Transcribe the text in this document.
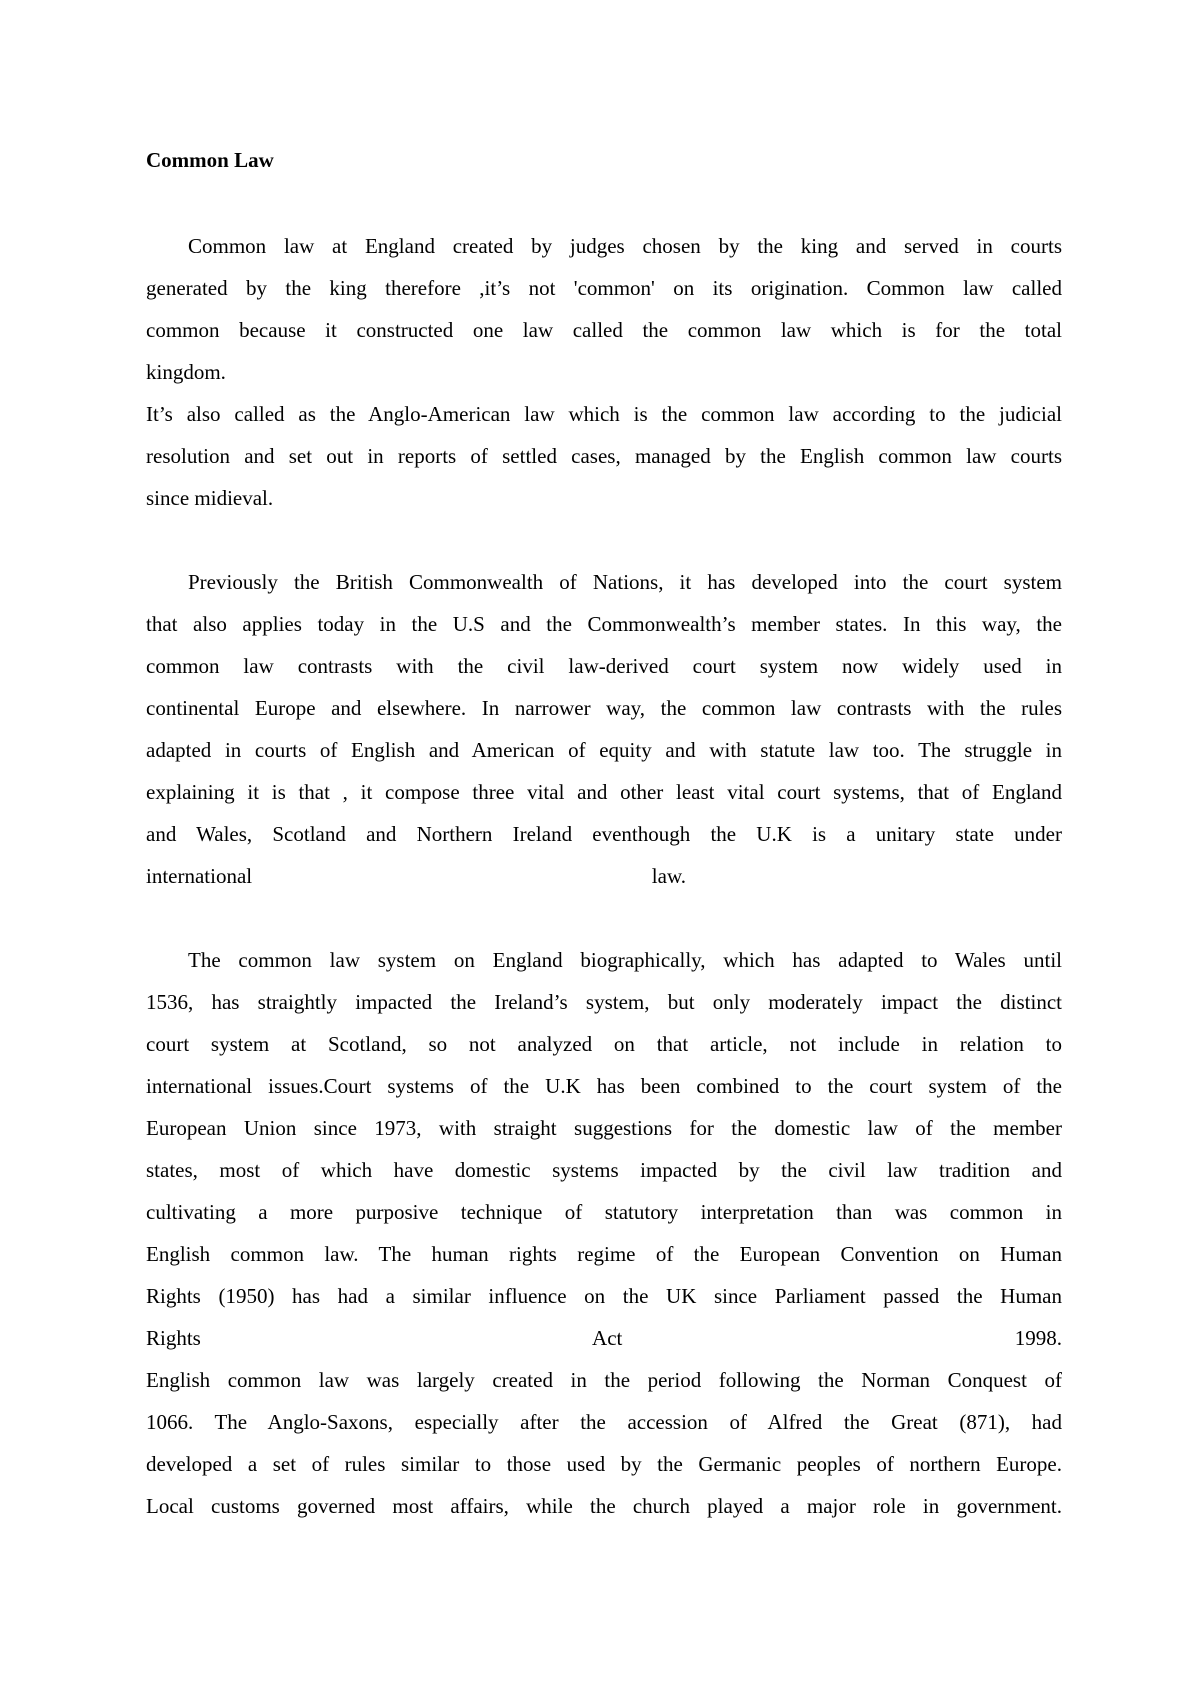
Common Law

Common law at England created by judges chosen by the king and served in courts

generated by the king therefore ,it’s not 'common' on its origination. Common law called

common because it constructed one law called the common law which is for the total

kingdom.

It’s also called as the Anglo-American law which is the common law according to the judicial

resolution and set out in reports of settled cases, managed by the English common law courts

since midieval.

Previously the British Commonwealth of Nations, it has developed into the court system

that also applies today in the U.S and the Commonwealth’s member states. In this way, the

common law contrasts with the civil law-derived court system now widely used in

continental Europe and elsewhere. In narrower way, the common law contrasts with the rules

adapted in courts of English and American of equity and with statute law too. The struggle in

explaining it is that , it compose three vital and other least vital court systems, that of England

and Wales, Scotland and Northern Ireland eventhough the U.K is a unitary state under

international law.

The common law system on England biographically, which has adapted to Wales until

1536, has straightly impacted the Ireland’s system, but only moderately impact the distinct

court system at Scotland, so not analyzed on that article, not include in relation to

international issues.Court systems of the U.K has been combined to the court system of the

European Union since 1973, with straight suggestions for the domestic law of the member

states, most of which have domestic systems impacted by the civil law tradition and

cultivating a more purposive technique of statutory interpretation than was common in

English common law. The human rights regime of the European Convention on Human

Rights (1950) has had a similar influence on the UK since Parliament passed the Human

Rights Act 1998.

English common law was largely created in the period following the Norman Conquest of

1066. The Anglo-Saxons, especially after the accession of Alfred the Great (871), had

developed a set of rules similar to those used by the Germanic peoples of northern Europe.

Local customs governed most affairs, while the church played a major role in government.
